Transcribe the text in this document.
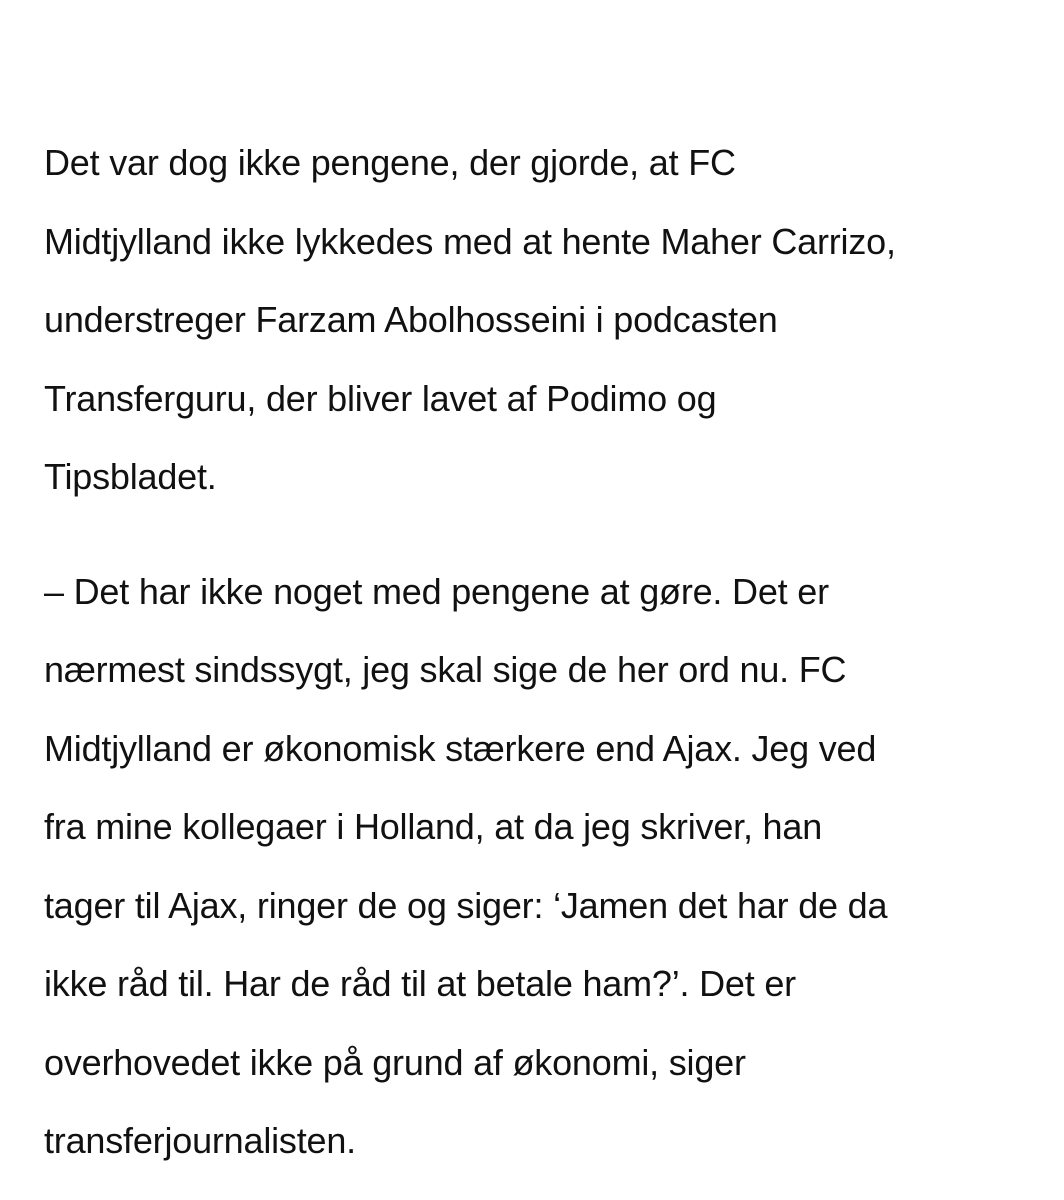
Det var dog ikke pengene, der gjorde, at FC
Midtjylland ikke lykkedes med at hente Maher Carrizo,
understreger Farzam Abolhosseini i podcasten
Transferguru, der bliver lavet af Podimo og
Tipsbladet.

– Det har ikke noget med pengene at gøre. Det er
nærmest sindssygt, jeg skal sige de her ord nu. FC
Midtjylland er økonomisk stærkere end Ajax. Jeg ved
fra mine kollegaer i Holland, at da jeg skriver, han
tager til Ajax, ringer de og siger: ‘Jamen det har de da
ikke råd til. Har de råd til at betale ham?’. Det er
overhovedet ikke på grund af økonomi, siger
transferjournalisten.
